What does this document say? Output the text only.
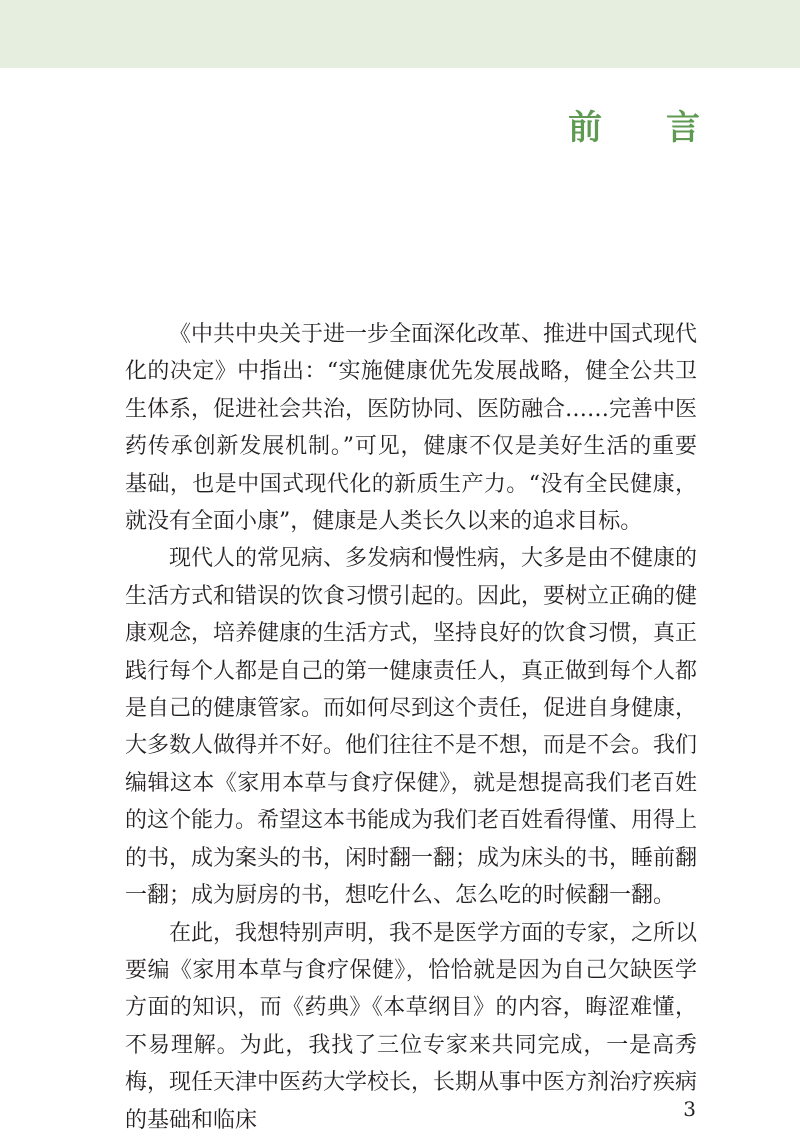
前 言

《中共中央关于进一步全面深化改革、推进中国式现代化的决定》中指出：“实施健康优先发展战略，健全公共卫生体系，促进社会共治，医防协同、医防融合……完善中医药传承创新发展机制。”可见，健康不仅是美好生活的重要基础，也是中国式现代化的新质生产力。“没有全民健康，就没有全面小康”，健康是人类长久以来的追求目标。

现代人的常见病、多发病和慢性病，大多是由不健康的生活方式和错误的饮食习惯引起的。因此，要树立正确的健康观念，培养健康的生活方式，坚持良好的饮食习惯，真正践行每个人都是自己的第一健康责任人，真正做到每个人都是自己的健康管家。而如何尽到这个责任，促进自身健康，大多数人做得并不好。他们往往不是不想，而是不会。我们编辑这本《家用本草与食疗保健》，就是想提高我们老百姓的这个能力。希望这本书能成为我们老百姓看得懂、用得上的书，成为案头的书，闲时翻一翻；成为床头的书，睡前翻一翻；成为厨房的书，想吃什么、怎么吃的时候翻一翻。

在此，我想特别声明，我不是医学方面的专家，之所以要编《家用本草与食疗保健》，恰恰就是因为自己欠缺医学方面的知识，而《药典》《本草纲目》的内容，晦涩难懂，不易理解。为此，我找了三位专家来共同完成，一是高秀梅，现任天津中医药大学校长，长期从事中医方剂治疗疾病的基础和临床	3
